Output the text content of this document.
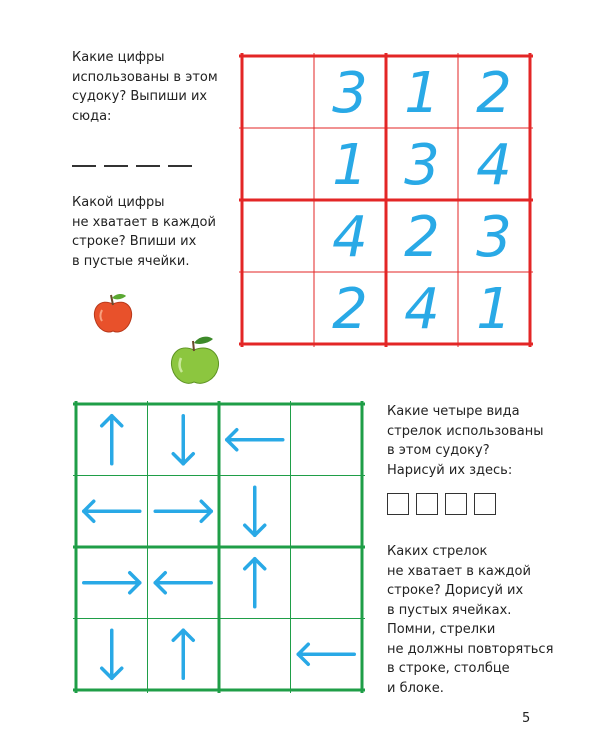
Какие цифры
использованы в этом
судоку? Выпиши их
сюда:
Какой цифры
не хватает в каждой
строке? Впиши их
в пустые ячейки.
Какие четыре вида
стрелок использованы
в этом судоку?
Нарисуй их здесь:
Каких стрелок
не хватает в каждой
строке? Дорисуй их
в пустых ячейках.
Помни, стрелки
не должны повторяться
в строке, столбце
и блоке.
3 1 2
1 3 4
4 2 3
2 4 1
5
